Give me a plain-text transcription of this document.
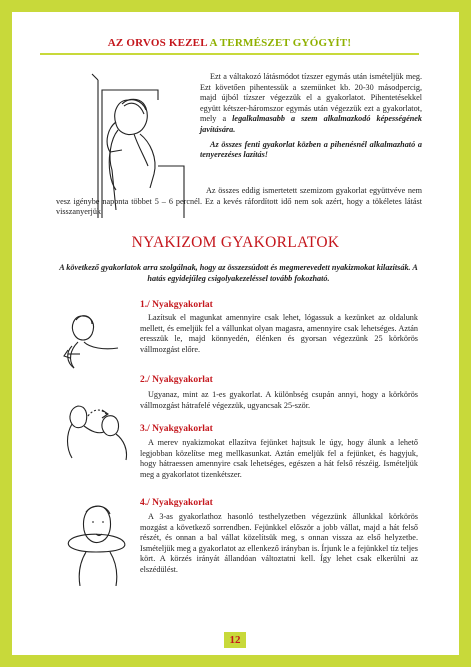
AZ ORVOS KEZEL A TERMÉSZET GYÓGYÍT!

Ezt a váltakozó látásmódot tízszer egymás után ismételjük meg. Ezt követően pihentessük a szemünket kb. 20-30 másodpercig, majd újból tízszer végezzük el a gyakorlatot. Pihentetésekkel együtt kétszer-háromszor egymás után végezzük ezt a gyakorlatot, mely a legalkalmasabb a szem alkalmazkodó képességének javítására.

Az összes fenti gyakorlat közben a pihenésnél alkalmazható a tenyerezéses lazítás!

Az összes eddig ismertetett szemizom gyakorlat együttvéve nem vesz igénybe naponta többet 5 – 6 percnél. Ez a kevés ráfordított idő nem sok azért, hogy a tökéletes látást visszanyerjük.

NYAKIZOM GYAKORLATOK
A következő gyakorlatok arra szolgálnak, hogy az összezsúdott és megmerevedett nyakizmokat kilazítsák. A hatás egyidejűleg csigolyakezeléssel tovább fokozható.
1./ Nyakgyakorlat
Lazítsuk el magunkat amennyire csak lehet, lógassuk a kezünket az oldalunk mellett, és emeljük fel a vállunkat olyan magasra, amennyire csak lehetséges. Aztán eresszük le, majd könnyedén, élénken és gyorsan végezzünk 25 körkörös vállmozgást előre.
2./ Nyakgyakorlat
Ugyanaz, mint az 1-es gyakorlat. A különbség csupán annyi, hogy a körkörös vállmozgást hátrafelé végezzük, ugyancsak 25-ször.
3./ Nyakgyakorlat
A merev nyakizmokat ellazítva fejünket hajtsuk le úgy, hogy álunk a lehető legjobban közelítse meg mellkasunkat. Aztán emeljük fel a fejünket, és hagyjuk, hogy hátraessen amennyire csak lehetséges, egészen a hát felső részéig. Ismételjük meg a gyakorlatot tizenkétszer.
4./ Nyakgyakorlat
A 3-as gyakorlathoz hasonló testhelyzetben végezzünk állunkkal körkörös mozgást a következő sorrendben. Fejünkkel először a jobb vállat, majd a hát felső részét, és onnan a bal vállat közelítsük meg, s onnan vissza az első helyzetbe. Ismételjük meg a gyakorlatot az ellenkező irányban is. Írjunk le a fejünkkel tíz teljes kört. A körzés irányát állandóan változtatni kell. Így lehet csak elkerülni az elszédülést.
12
